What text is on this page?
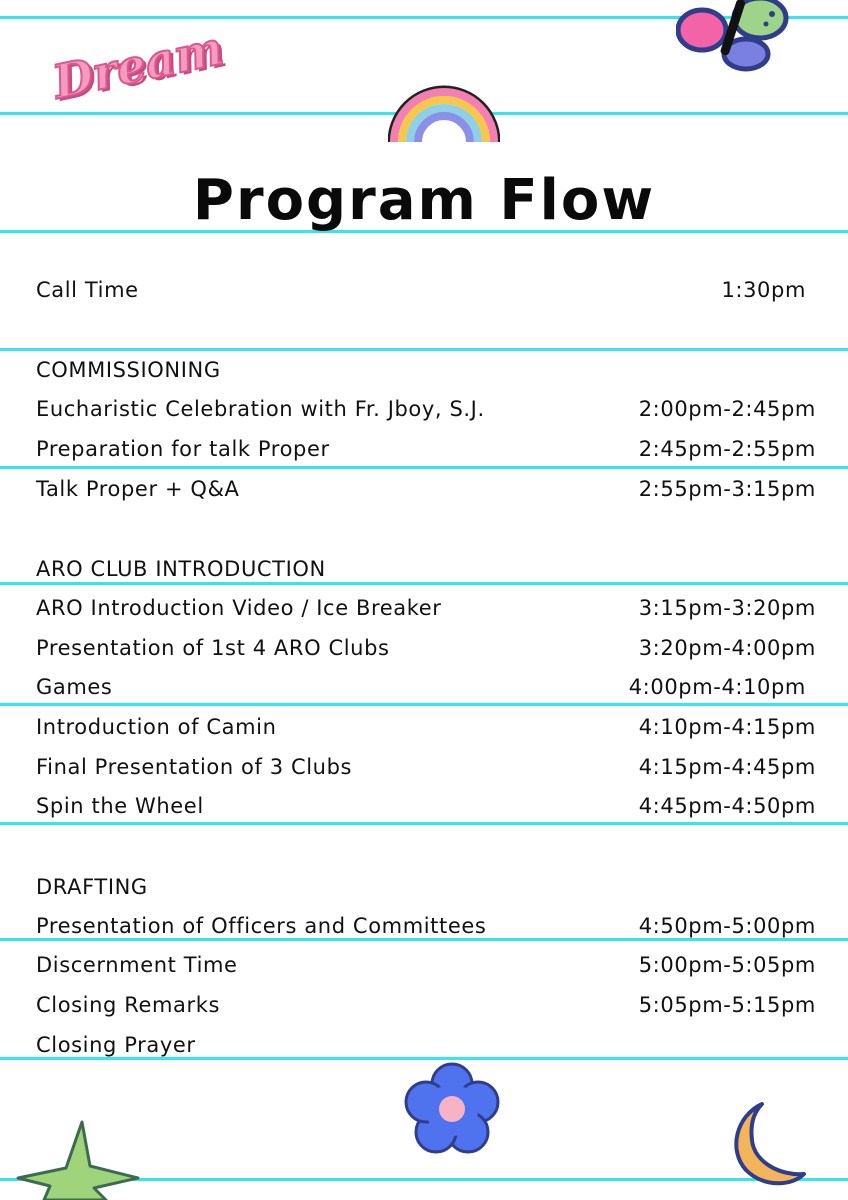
Dream
Program Flow
Call Time	1:30pm
COMMISSIONING
Eucharistic Celebration with Fr. Jboy, S.J.	2:00pm-2:45pm
Preparation for talk Proper	2:45pm-2:55pm
Talk Proper + Q&A	2:55pm-3:15pm
ARO CLUB INTRODUCTION
ARO Introduction Video / Ice Breaker	3:15pm-3:20pm
Presentation of 1st 4 ARO Clubs	3:20pm-4:00pm
Games	4:00pm-4:10pm
Introduction of Camin	4:10pm-4:15pm
Final Presentation of 3 Clubs	4:15pm-4:45pm
Spin the Wheel	4:45pm-4:50pm
DRAFTING
Presentation of Officers and Committees	4:50pm-5:00pm
Discernment Time	5:00pm-5:05pm
Closing Remarks	5:05pm-5:15pm
Closing Prayer
